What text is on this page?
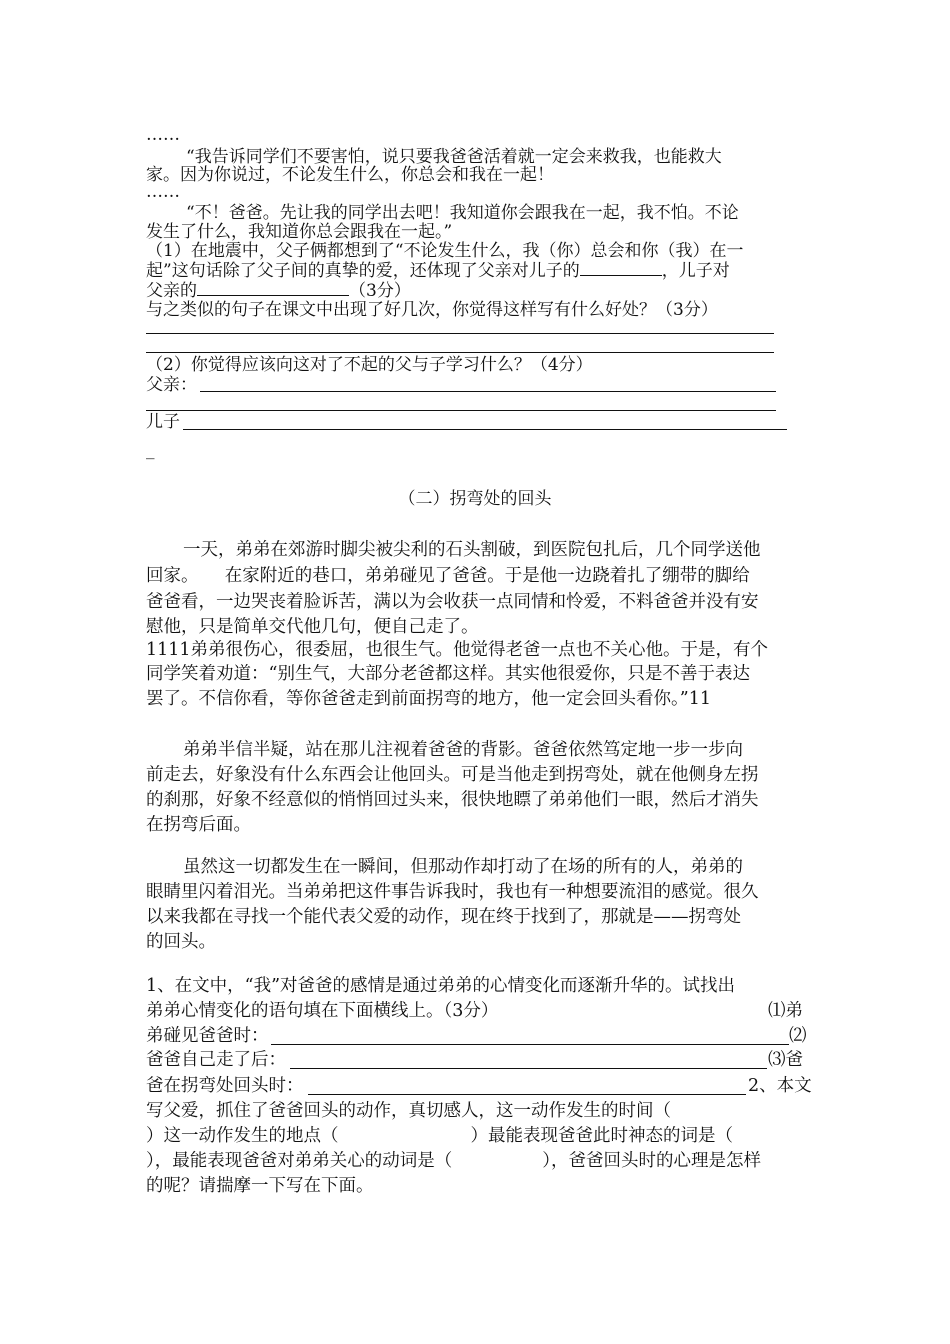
……
“我告诉同学们不要害怕，说只要我爸爸活着就一定会来救我，也能救大
家。因为你说过，不论发生什么，你总会和我在一起！
……
“不！爸爸。先让我的同学出去吧！我知道你会跟我在一起，我不怕。不论
发生了什么，我知道你总会跟我在一起。”
（1）在地震中，父子俩都想到了“不论发生什么，我（你）总会和你（我）在一
起”这句话除了父子间的真挚的爱，还体现了父亲对儿子的	，儿子对
父亲的	（3分）
与之类似的句子在课文中出现了好几次，你觉得这样写有什么好处？（3分）
（2）你觉得应该向这对了不起的父与子学习什么？（4分）
父亲：
儿子
_
（二）拐弯处的回头
一天，弟弟在郊游时脚尖被尖利的石头割破，到医院包扎后，几个同学送他
回家。　　在家附近的巷口，弟弟碰见了爸爸。于是他一边跷着扎了绷带的脚给
爸爸看，一边哭丧着脸诉苦，满以为会收获一点同情和怜爱，不料爸爸并没有安
慰他，只是简单交代他几句，便自己走了。
1111弟弟很伤心，很委屈，也很生气。他觉得老爸一点也不关心他。于是，有个
同学笑着劝道：“别生气，大部分老爸都这样。其实他很爱你，只是不善于表达
罢了。不信你看，等你爸爸走到前面拐弯的地方，他一定会回头看你。”11
弟弟半信半疑，站在那儿注视着爸爸的背影。爸爸依然笃定地一步一步向
前走去，好象没有什么东西会让他回头。可是当他走到拐弯处，就在他侧身左拐
的刹那，好象不经意似的悄悄回过头来，很快地瞟了弟弟他们一眼，然后才消失
在拐弯后面。
虽然这一切都发生在一瞬间，但那动作却打动了在场的所有的人，弟弟的
眼睛里闪着泪光。当弟弟把这件事告诉我时，我也有一种想要流泪的感觉。很久
以来我都在寻找一个能代表父爱的动作，现在终于找到了，那就是——拐弯处
的回头。
1、在文中，“我”对爸爸的感情是通过弟弟的心情变化而逐渐升华的。试找出
弟弟心情变化的语句填在下面横线上。（3分）	⑴弟
弟碰见爸爸时：	⑵
爸爸自己走了后：	⑶爸
爸在拐弯处回头时：	2、本文
写父爱，抓住了爸爸回头的动作，真切感人，这一动作发生的时间（
）这一动作发生的地点（	）最能表现爸爸此时神态的词是（
），最能表现爸爸对弟弟关心的动词是（	），爸爸回头时的心理是怎样
的呢？请揣摩一下写在下面。
